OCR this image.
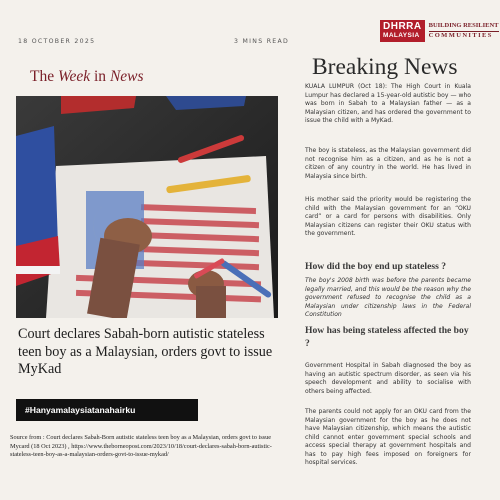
18 OCTOBER 2025	3 MINS READ
DHRRA
MALAYSIA
BUILDING RESILIENT
COMMUNITIES
The Week in News
Court declares Sabah-born autistic stateless teen boy as a Malaysian, orders govt to issue MyKad
#Hanyamalaysiatanahairku

Source from : Court declares Sabah-Born autistic stateless teen boy as a Malaysian, orders govt to issue Mycard (18 Oct 2023) , https://www.theborneopost.com/2023/10/18/court-declares-sabah-born-autistic-stateless-teen-boy-as-a-malaysian-orders-govt-to-issue-mykad/

Breaking News

KUALA LUMPUR (Oct 18): The High Court in Kuala Lumpur has declared a 15-year-old autistic boy — who was born in Sabah to a Malaysian father — as a Malaysian citizen, and has ordered the government to issue the child with a MyKad.

The boy is stateless, as the Malaysian government did not recognise him as a citizen, and as he is not a citizen of any country in the world. He has lived in Malaysia since birth.

His mother said the priority would be registering the child with the Malaysian government for an “OKU card” or a card for persons with disabilities. Only Malaysian citizens can register their OKU status with the government.

How did the boy end up stateless ?

The boy's 2008 birth was before the parents became legally married, and this would be the reason why the government refused to recognise the child as a Malaysian under citizenship laws in the Federal Constitution

How has being stateless affected the boy ?

Government Hospital in Sabah diagnosed the boy as having an autistic spectrum disorder, as seen via his speech development and ability to socialise with others being affected.

The parents could not apply for an OKU card from the Malaysian government for the boy as he does not have Malaysian citizenship, which means the autistic child cannot enter government special schools and access special therapy at government hospitals and has to pay high fees imposed on foreigners for hospital services.
